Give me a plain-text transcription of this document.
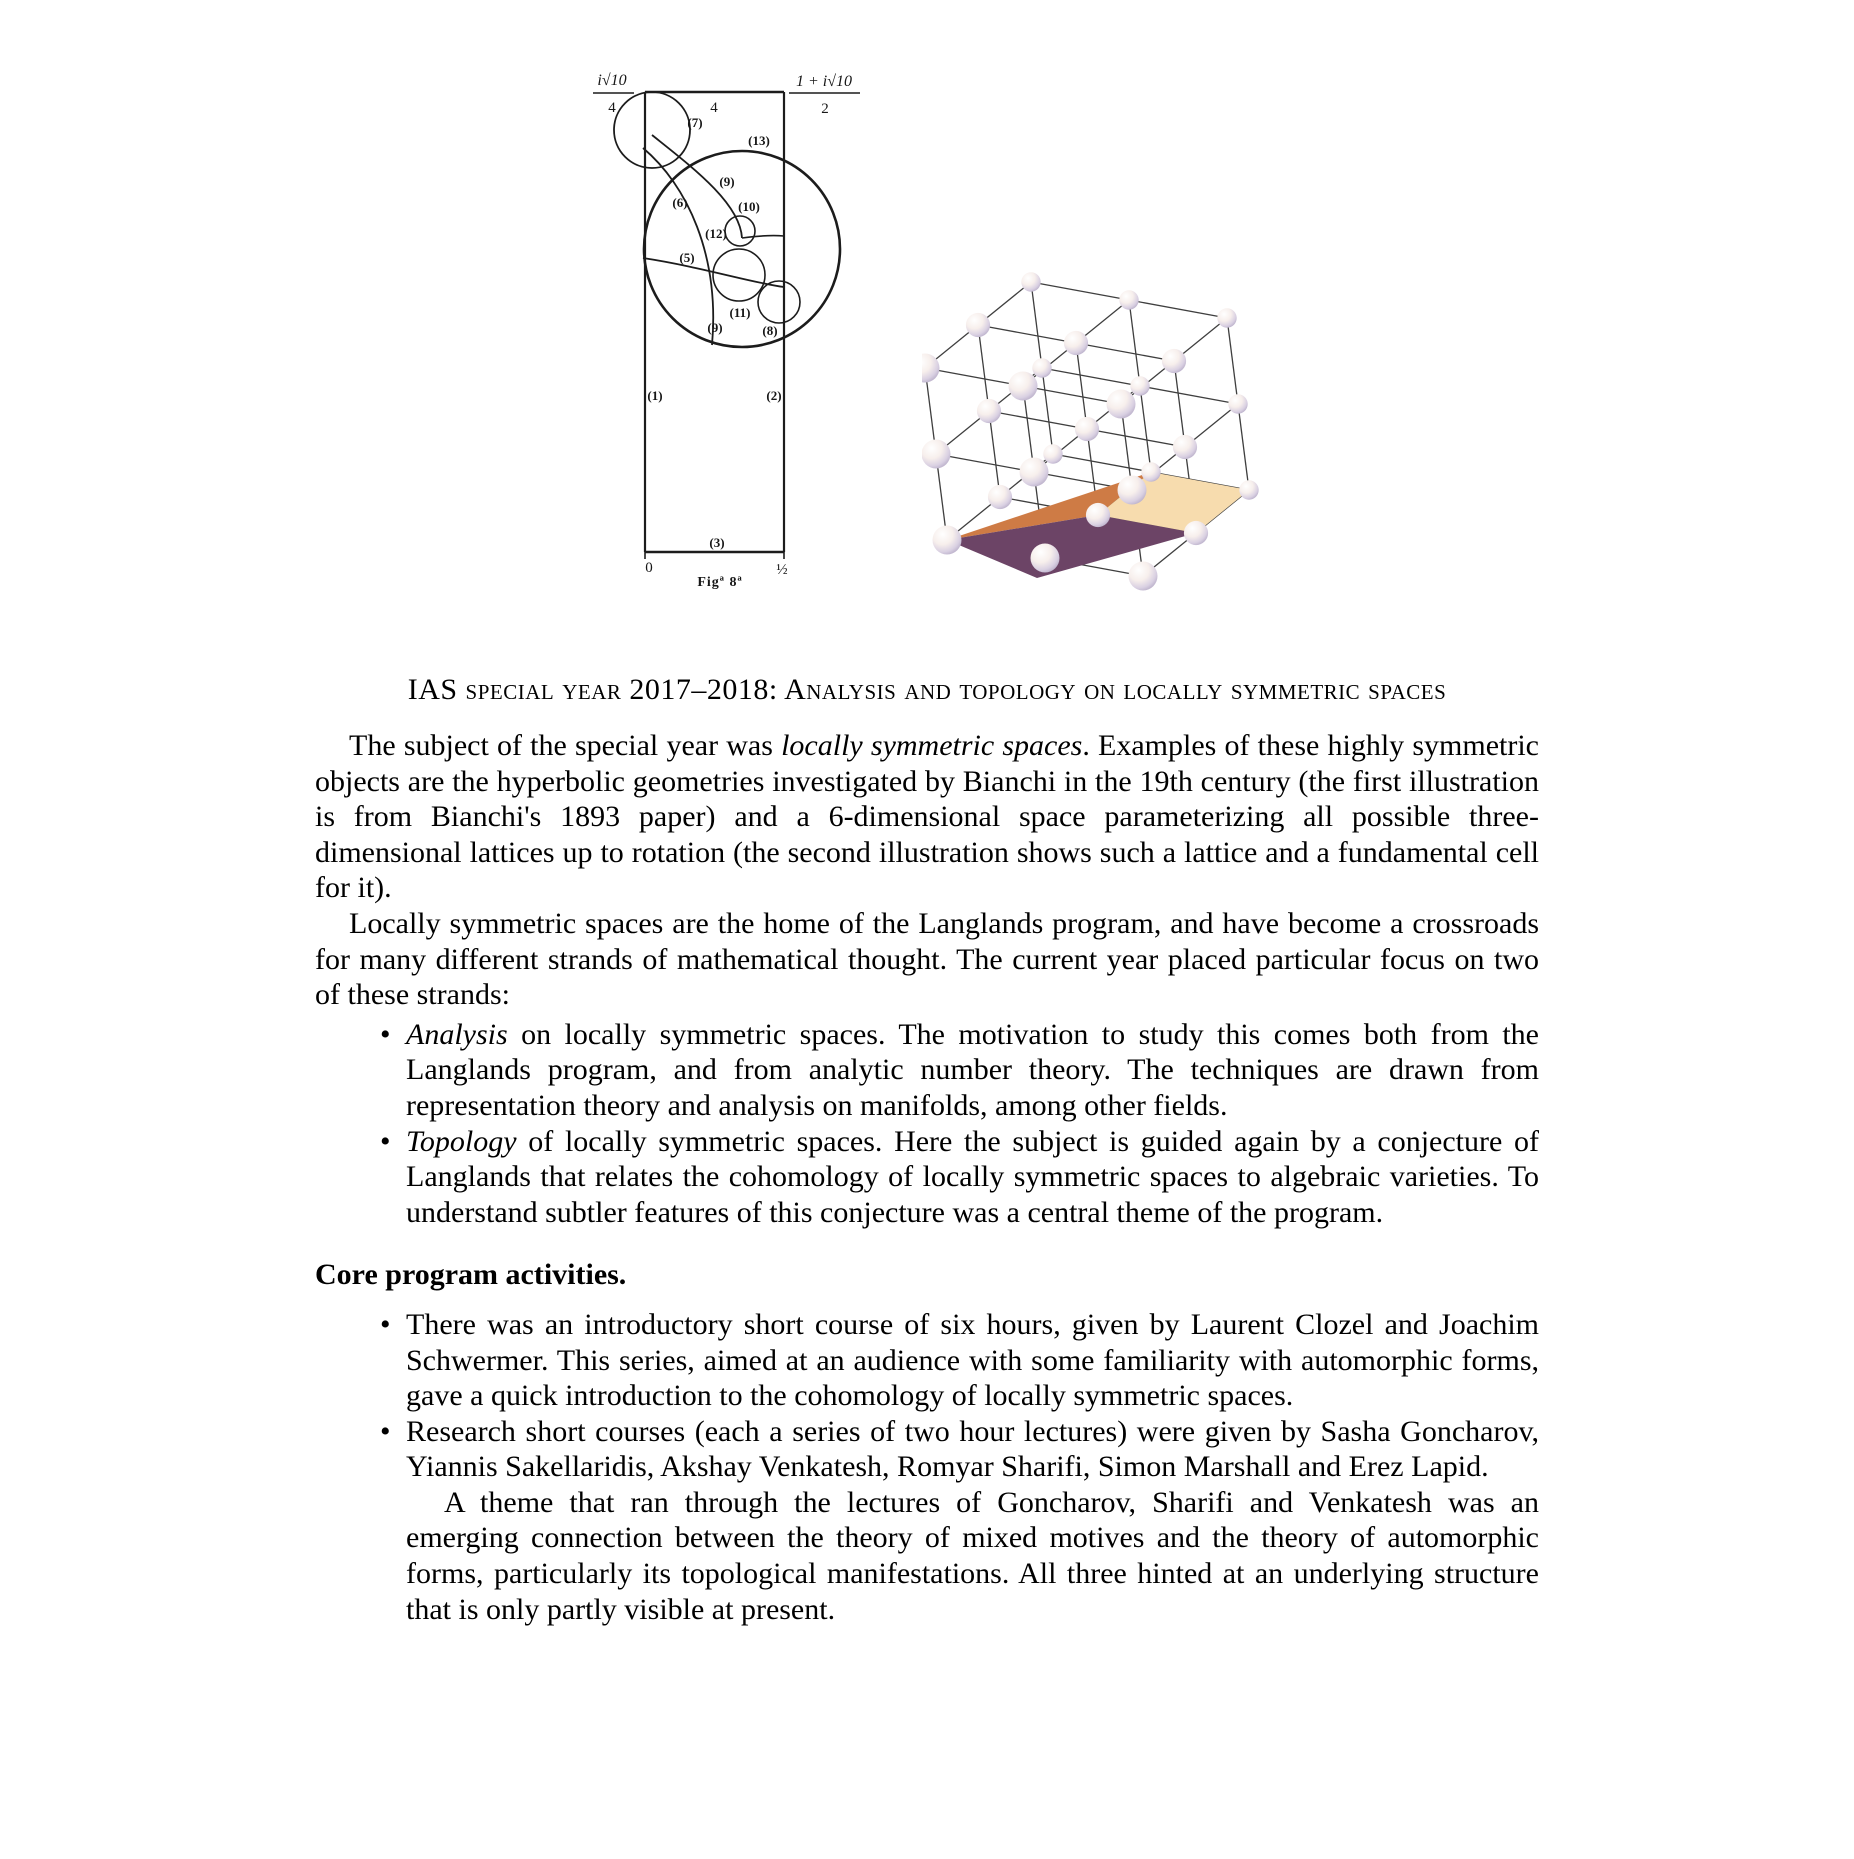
i√10
4	4
1 + i√10
2
(7)
(13)
(9)
(6)	(10)
(12)
(5)
(11)
(9)	(8)
(1)	(2)
(3)
0	½
Figª 8ª
IAS special year 2017–2018: Analysis and topology on locally symmetric spaces

The subject of the special year was locally symmetric spaces. Examples of these highly symmetric objects are the hyperbolic geometries investigated by Bianchi in the 19th century (the first illustration is from Bianchi's 1893 paper) and a 6-dimensional space parameterizing all possible three-dimensional lattices up to rotation (the second illustration shows such a lattice and a fundamental cell for it).

Locally symmetric spaces are the home of the Langlands program, and have become a crossroads for many different strands of mathematical thought. The current year placed particular focus on two of these strands:

• Analysis on locally symmetric spaces. The motivation to study this comes both from the Langlands program, and from analytic number theory. The techniques are drawn from representation theory and analysis on manifolds, among other fields.
• Topology of locally symmetric spaces. Here the subject is guided again by a conjecture of Langlands that relates the cohomology of locally symmetric spaces to algebraic varieties. To understand subtler features of this conjecture was a central theme of the program.

Core program activities.

• There was an introductory short course of six hours, given by Laurent Clozel and Joachim Schwermer. This series, aimed at an audience with some familiarity with automorphic forms, gave a quick introduction to the cohomology of locally symmetric spaces.
• Research short courses (each a series of two hour lectures) were given by Sasha Goncharov, Yiannis Sakellaridis, Akshay Venkatesh, Romyar Sharifi, Simon Marshall and Erez Lapid.

A theme that ran through the lectures of Goncharov, Sharifi and Venkatesh was an emerging connection between the theory of mixed motives and the theory of automorphic forms, particularly its topological manifestations. All three hinted at an underlying structure that is only partly visible at present.
